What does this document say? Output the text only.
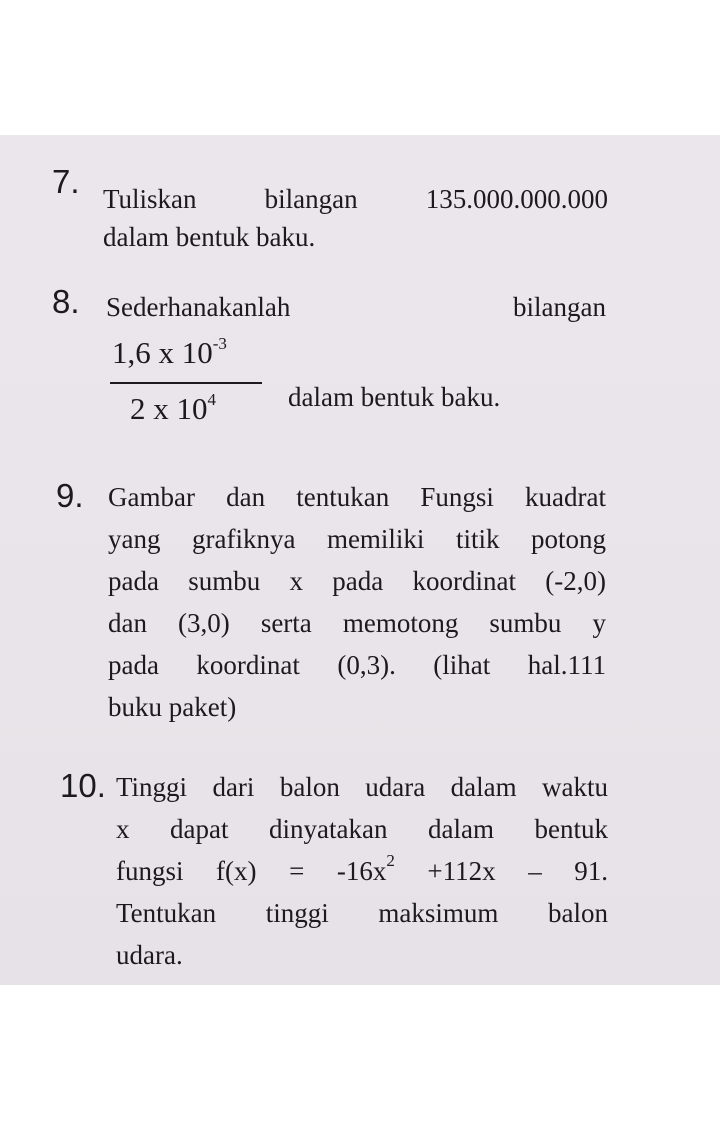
7. Tuliskan	bilangan	135.000.000.000
dalam bentuk baku.
8. Sederhanakanlah	bilangan
1,6 x $10^{-3}$
2 x $10^4$	dalam bentuk baku.
9. Gambar dan tentukan Fungsi kuadrat
yang grafiknya memiliki titik potong
pada sumbu x pada koordinat (-2,0)
dan (3,0) serta memotong sumbu y
pada koordinat (0,3). (lihat hal.111
buku paket)
10. Tinggi dari balon udara dalam waktu
x dapat dinyatakan dalam bentuk
fungsi $f(x) = -16x^2 +112x - 91$.
Tentukan tinggi maksimum balon
udara.
